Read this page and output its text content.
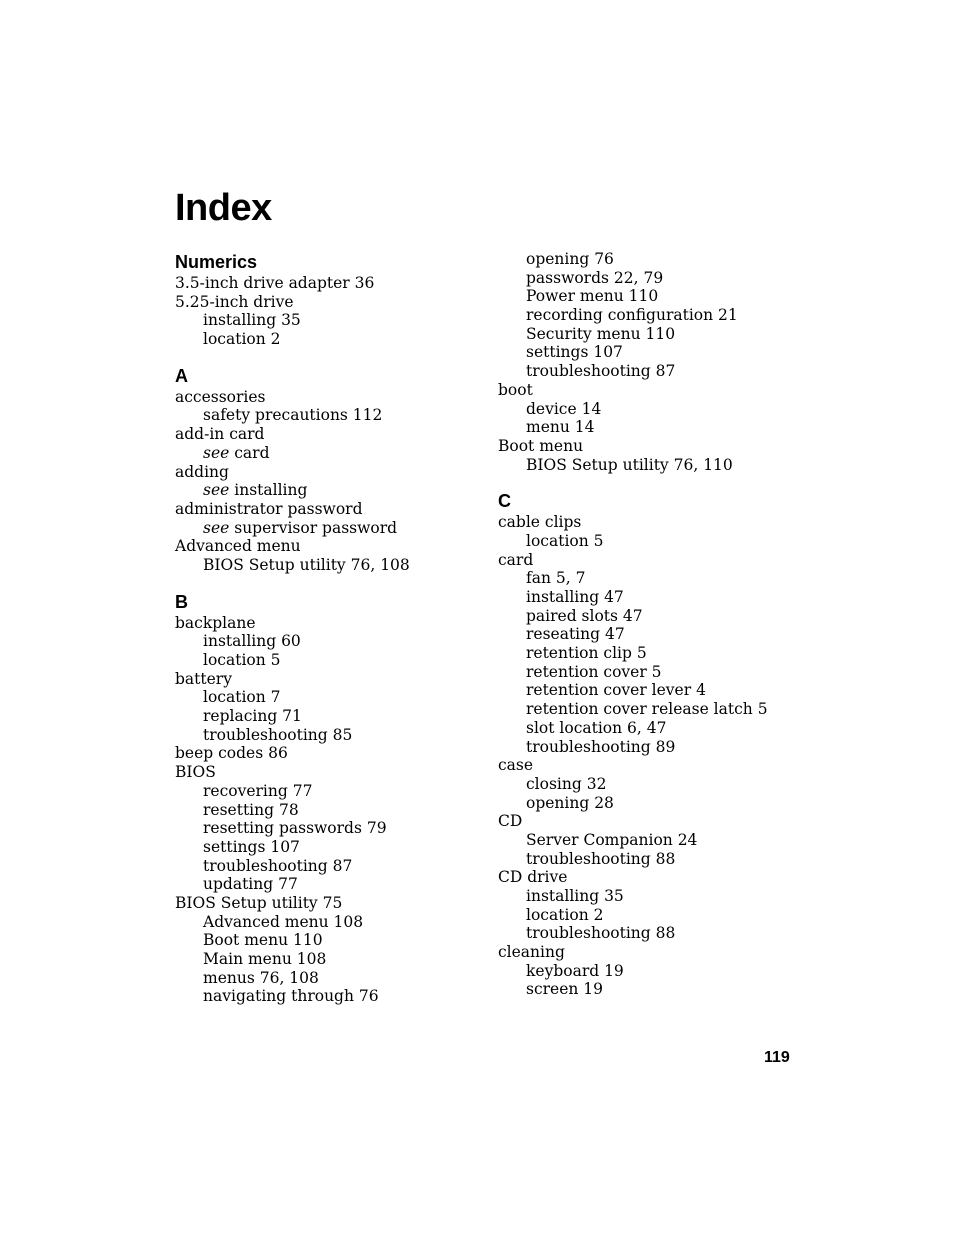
Index
Numerics
3.5-inch drive adapter 36
5.25-inch drive
installing 35
location 2
A
accessories
safety precautions 112
add-in card
see card
adding
see installing
administrator password
see supervisor password
Advanced menu
BIOS Setup utility 76, 108
B
backplane
installing 60
location 5
battery
location 7
replacing 71
troubleshooting 85
beep codes 86
BIOS
recovering 77
resetting 78
resetting passwords 79
settings 107
troubleshooting 87
updating 77
BIOS Setup utility 75
Advanced menu 108
Boot menu 110
Main menu 108
menus 76, 108
navigating through 76
opening 76
passwords 22, 79
Power menu 110
recording configuration 21
Security menu 110
settings 107
troubleshooting 87
boot
device 14
menu 14
Boot menu
BIOS Setup utility 76, 110
C
cable clips
location 5
card
fan 5, 7
installing 47
paired slots 47
reseating 47
retention clip 5
retention cover 5
retention cover lever 4
retention cover release latch 5
slot location 6, 47
troubleshooting 89
case
closing 32
opening 28
CD
Server Companion 24
troubleshooting 88
CD drive
installing 35
location 2
troubleshooting 88
cleaning
keyboard 19
screen 19
119
